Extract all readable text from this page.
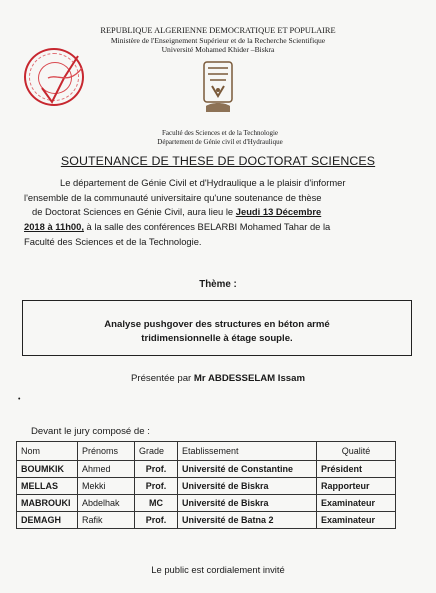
REPUBLIQUE ALGERIENNE DEMOCRATIQUE ET POPULAIRE
Ministère de l'Enseignement Supérieur et de la Recherche Scientifique
Université Mohamed Khider –Biskra
Faculté des Sciences et de la Technologie
Département de Génie civil et d'Hydraulique
SOUTENANCE DE THESE DE DOCTORAT SCIENCES
Le département de Génie Civil et d'Hydraulique a le plaisir d'informer
l'ensemble de la communauté universitaire qu'une soutenance de thèse
de Doctorat Sciences en Génie Civil, aura lieu le Jeudi 13 Décembre
2018 à 11h00, à la salle des conférences BELARBI Mohamed Tahar de la
Faculté des Sciences et de la Technologie.
Thème :
Analyse pushgover des structures en béton armé
tridimensionnelle à étage souple.
Présentée par Mr ABDESSELAM Issam
•
Devant le jury composé de :
Nom	Prénoms	Grade	Etablissement	Qualité
BOUMKIK	Ahmed	Prof.	Université de Constantine	Président
MELLAS	Mekki	Prof.	Université de Biskra	Rapporteur
MABROUKI	Abdelhak	MC	Université de Biskra	Examinateur
DEMAGH	Rafik	Prof.	Université de Batna 2	Examinateur
Le public est cordialement invité
